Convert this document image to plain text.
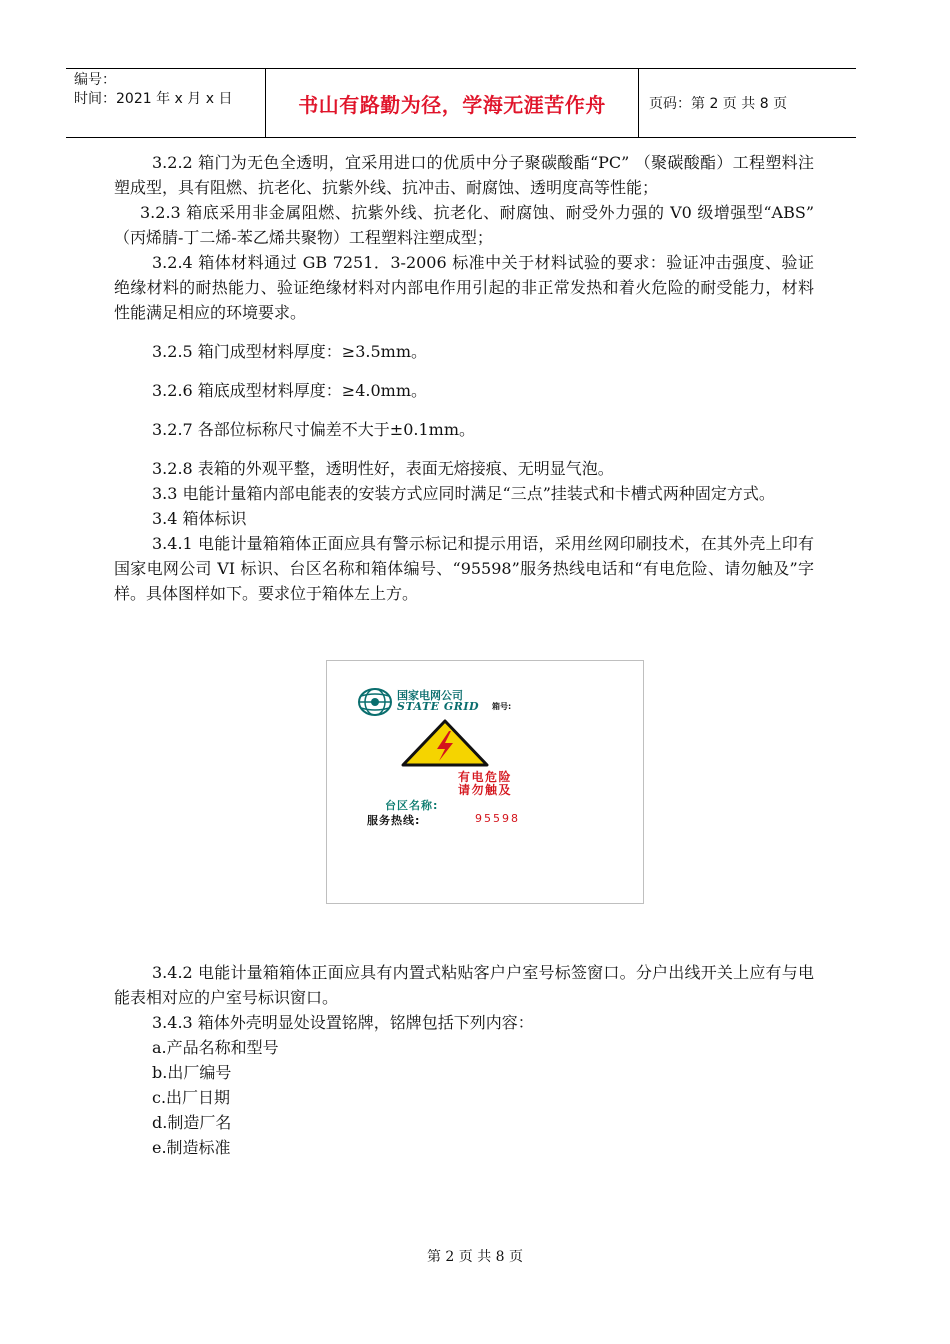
编号：
时间：2021 年 x 月 x 日	书山有路勤为径，学海无涯苦作舟	页码：第 2 页 共 8 页

3.2.2 箱门为无色全透明，宜采用进口的优质中分子聚碳酸酯“PC” （聚碳酸酯）工程塑料注塑成型，具有阻燃、抗老化、抗紫外线、抗冲击、耐腐蚀、透明度高等性能；

3.2.3 箱底采用非金属阻燃、抗紫外线、抗老化、耐腐蚀、耐受外力强的 V0 级增强型“ABS” （丙烯腈-丁二烯-苯乙烯共聚物）工程塑料注塑成型；

3.2.4 箱体材料通过 GB 7251．3-2006 标准中关于材料试验的要求：验证冲击强度、验证绝缘材料的耐热能力、验证绝缘材料对内部电作用引起的非正常发热和着火危险的耐受能力，材料性能满足相应的环境要求。

3.2.5 箱门成型材料厚度：≥3.5mm。

3.2.6 箱底成型材料厚度：≥4.0mm。

3.2.7 各部位标称尺寸偏差不大于±0.1mm。

3.2.8 表箱的外观平整，透明性好，表面无熔接痕、无明显气泡。

3.3 电能计量箱内部电能表的安装方式应同时满足“三点”挂装式和卡槽式两种固定方式。

3.4 箱体标识

3.4.1 电能计量箱箱体正面应具有警示标记和提示用语，采用丝网印刷技术，在其外壳上印有国家电网公司 VI 标识、台区名称和箱体编号、“95598”服务热线电话和“有电危险、请勿触及”字样。具体图样如下。要求位于箱体左上方。

国家电网公司
STATE GRID 箱号:
有电危险
请勿触及
台区名称:
服务热线:	95598

3.4.2 电能计量箱箱体正面应具有内置式粘贴客户户室号标签窗口。分户出线开关上应有与电能表相对应的户室号标识窗口。

3.4.3 箱体外壳明显处设置铭牌，铭牌包括下列内容：

a.产品名称和型号

b.出厂编号

c.出厂日期

d.制造厂名

e.制造标准

第 2 页 共 8 页
